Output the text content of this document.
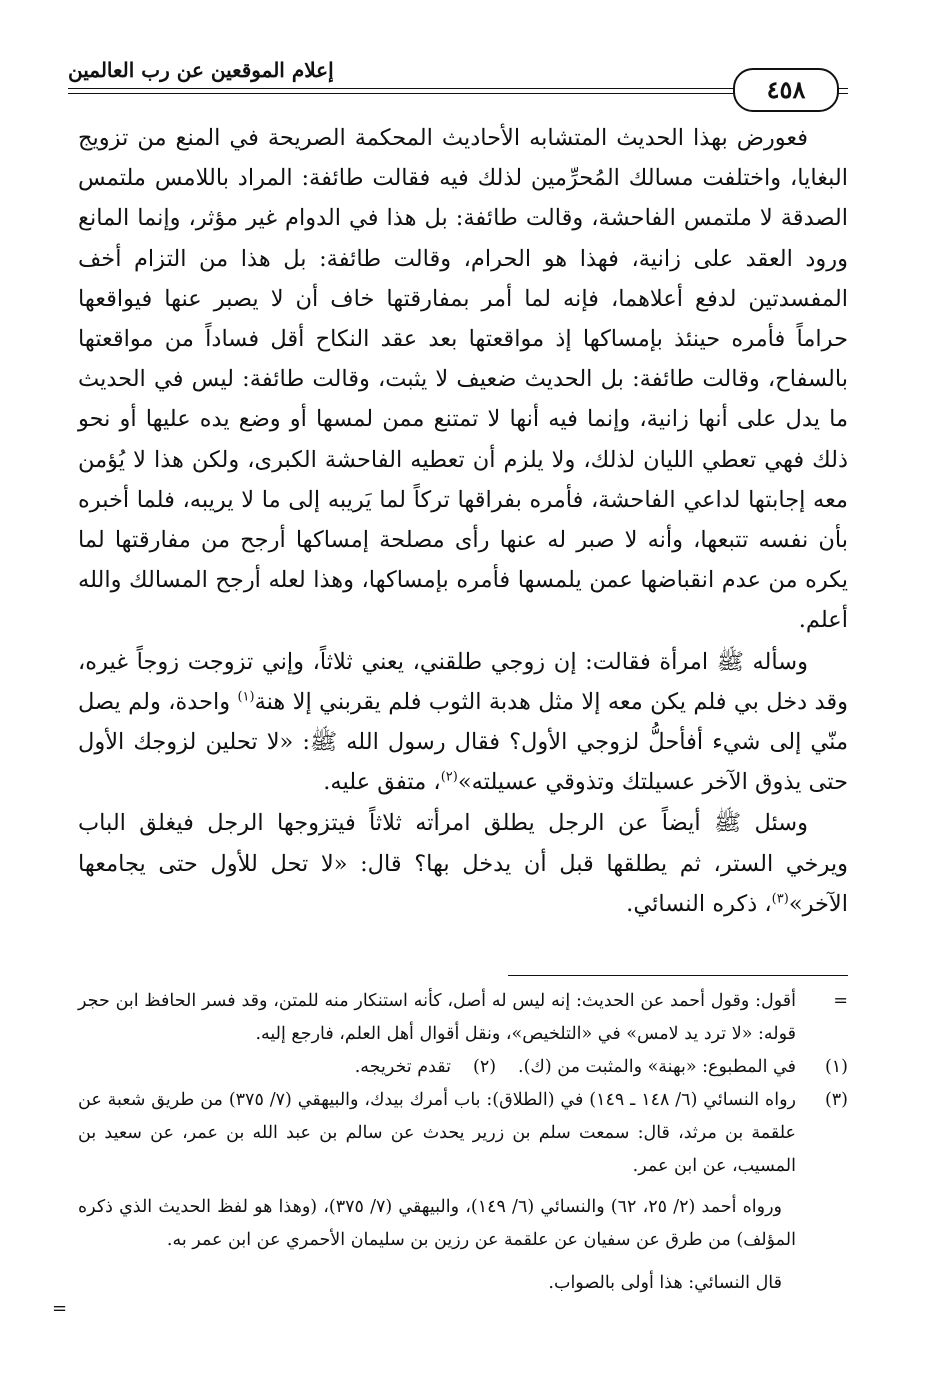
إعلام الموقعين عن رب العالمين
٤٥٨

فعورض بهذا الحديث المتشابه الأحاديث المحكمة الصريحة في المنع من تزويج البغايا، واختلفت مسالك المُحرِّمين لذلك فيه فقالت طائفة: المراد باللامس ملتمس الصدقة لا ملتمس الفاحشة، وقالت طائفة: بل هذا في الدوام غير مؤثر، وإنما المانع ورود العقد على زانية، فهذا هو الحرام، وقالت طائفة: بل هذا من التزام أخف المفسدتين لدفع أعلاهما، فإنه لما أمر بمفارقتها خاف أن لا يصبر عنها فيواقعها حراماً فأمره حينئذ بإمساكها إذ مواقعتها بعد عقد النكاح أقل فساداً من مواقعتها بالسفاح، وقالت طائفة: بل الحديث ضعيف لا يثبت، وقالت طائفة: ليس في الحديث ما يدل على أنها زانية، وإنما فيه أنها لا تمتنع ممن لمسها أو وضع يده عليها أو نحو ذلك فهي تعطي الليان لذلك، ولا يلزم أن تعطيه الفاحشة الكبرى، ولكن هذا لا يُؤمن معه إجابتها لداعي الفاحشة، فأمره بفراقها تركاً لما يَريبه إلى ما لا يريبه، فلما أخبره بأن نفسه تتبعها، وأنه لا صبر له عنها رأى مصلحة إمساكها أرجح من مفارقتها لما يكره من عدم انقباضها عمن يلمسها فأمره بإمساكها، وهذا لعله أرجح المسالك والله أعلم.

وسأله ﷺ امرأة فقالت: إن زوجي طلقني، يعني ثلاثاً، وإني تزوجت زوجاً غيره، وقد دخل بي فلم يكن معه إلا مثل هدبة الثوب فلم يقربني إلا هنة$^{(١)}$ واحدة، ولم يصل منّي إلى شيء أفأحلُّ لزوجي الأول؟ فقال رسول الله ﷺ: «لا تحلين لزوجك الأول حتى يذوق الآخر عسيلتك وتذوقي عسيلته»$^{(٢)}$، متفق عليه.

وسئل ﷺ أيضاً عن الرجل يطلق امرأته ثلاثاً فيتزوجها الرجل فيغلق الباب ويرخي الستر، ثم يطلقها قبل أن يدخل بها؟ قال: «لا تحل للأول حتى يجامعها الآخر»$^{(٣)}$، ذكره النسائي.

=

أقول: وقول أحمد عن الحديث: إنه ليس له أصل، كأنه استنكار منه للمتن، وقد فسر الحافظ ابن حجر قوله: «لا ترد يد لامس» في «التلخيص»، ونقل أقوال أهل العلم، فارجع إليه.

(١)

في المطبوع: «بهنة» والمثبت من (ك).(٢)تقدم تخريجه.

(٣)

رواه النسائي (٦/ ١٤٨ ـ ١٤٩) في (الطلاق): باب أمرك بيدك، والبيهقي (٧/ ٣٧٥) من طريق شعبة عن علقمة بن مرثد، قال: سمعت سلم بن زرير يحدث عن سالم بن عبد الله بن عمر، عن سعيد بن المسيب، عن ابن عمر.

ورواه أحمد (٢/ ٢٥، ٦٢) والنسائي (٦/ ١٤٩)، والبيهقي (٧/ ٣٧٥)، (وهذا هو لفظ الحديث الذي ذكره المؤلف) من طرق عن سفيان عن علقمة عن رزين بن سليمان الأحمري عن ابن عمر به.

قال النسائي: هذا أولى بالصواب.

=
